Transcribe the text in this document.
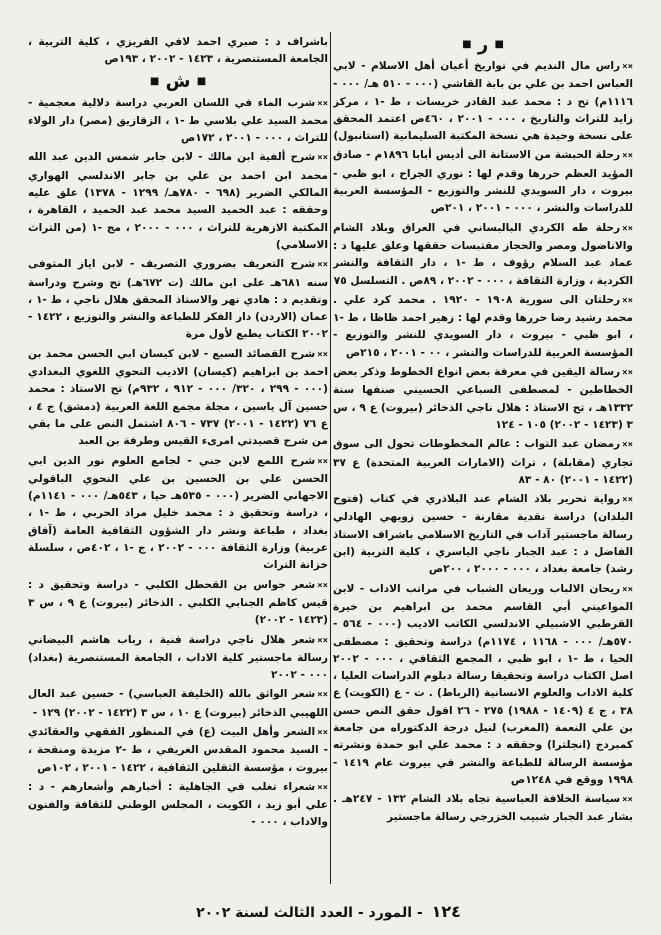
■ ر ■
××راس مال النديم في تواريخ أعيان أهل الاسلام - لابي العباس احمد بن علي بن بابة القاشي (٠٠٠ - ٥١٠ هـ/ ٠٠٠ - ١١١٦م) تح د : محمد عبد القادر خريسات ، ط -١ ، مركز زايد للتراث والتاريخ ، ٠٠٠ - ٢٠٠١ ، ٤٦٠ص اعتمد المحقق على نسخة وحيدة هي نسخة المكتبة السليمانية (استانبول)
××رحلة الحبشة من الاستانة الى أديس أبابا ١٨٩٦م - صادق المؤيد العظم حررها وقدم لها : نوري الجراح ، ابو ظبي - بيروت ، دار السويدي للنشر والتوزيع - المؤسسة العربية للدراسات والنشر ، ٠٠٠ - ٢٠٠١ ، ٢٠١ص
××رحلة طه الكردي البالبساني في العراق وبلاد الشام والاناضول ومصر والحجاز مقتبسات حققها وعلق عليها د : عماد عبد السلام رؤوف ، ط -١ ، دار الثقافة والنشر الكردية ، وزارة الثقافة ، ٠٠٠ - ٢٠٠٢ ، ٨٩ص . التسلسل ٧٥
××رحلتان الى سورية ١٩٠٨ - ١٩٢٠ . محمد كرد علي . محمد رشيد رضا حررها وقدم لها : زهير احمد ظاظا ، ط -١ ، ابو ظبي - بيروت ، دار السويدي للنشر والتوزيع - المؤسسة العربية للدراسات والنشر ، ٠٠ - ٢٠٠١ ، ٢١٥ص
××رسالة اليقين في معرفة بعض انواع الخطوط وذكر بعض الخطاطين - لمصطفى السباعي الحسيني صنفها سنة ١٣٣٢هـ ، تح الاستاذ : هلال ناجي الذخائر (بيروت) ع ٩ ، س ٣ (١٤٢٣ - ٢٠٠٢) ١٠٥ - ١٢٤
××رمضان عبد التواب : عالم المخطوطات تحول الى سوق تجاري (مقابلة) ، تراث (الامارات العربية المتحدة) ع ٣٧ (١٤٢٢ - ٢٠٠١) ٨٠ - ٨٣
××رواية تحرير بلاد الشام عند البلاذري في كتاب (فتوح البلدان) دراسة نقدية مقارنة - حسين زويهي الهادلي رسالة ماجستير آداب في التاريخ الاسلامي باشراف الاستاذ الفاضل د : عبد الجبار ناجي الياسري ، كلية التربية (ابن رشد) جامعة بغداد ، ٠٠٠ - ٢٠٠٠ ، ٢٠٠ص
××ريحان الالباب وريعان الشباب في مراتب الاداب - لابن المواعيني أبي القاسم محمد بن ابراهيم بن خيرة القرطبي الاشبيلي الاندلسي الكاتب الاديب (٠٠٠ - ٥٦٤ - ٥٧٠هـ/ ٠٠٠ - ١١٦٨ ، ١١٧٤م) دراسة وتحقيق : مصطفى الحيا ، ط -١ ، ابو ظبي ، المجمع الثقافي ، ٠٠٠ - ٢٠٠٢ اصل الكتاب دراسة وتحقيقا رسالة دبلوم الدراسات العليا ، كلية الاداب والعلوم الانسانية (الرباط) . ت - ع (الكويت) ع ٣٨ ، ج ٤ (١٤٠٩ - ١٩٨٨) ٢٧٥ - ٢٦ اقول حقق النص حسن بن علي النعمة (المغرب) لنيل درجة الدكتوراه من جامعة كمبردج (انجلترا) وحققه د : محمد علي ابو حمدة ونشرته مؤسسة الرسالة للطباعة والنشر في بيروت عام ١٤١٩ - ١٩٩٨ ووقع في ١٢٤٨ص
××سياسة الخلافة العباسية تجاه بلاد الشام ١٣٢ - ٢٤٧هـ . بشار عبد الجبار شبيب الخزرجي رسالة ماجستير
باشراف د : صبري احمد لافي الفريزي ، كلية التربية ، الجامعة المستنصرية ، ١٤٢٣ - ٢٠٠٢ ، ١٩٣ص
■ ش ■
××شرب الماء في اللسان العربي دراسة دلالية معجمية - محمد السيد علي بلاسي ط -١ ، الزقازيق (مصر) دار الولاء للتراث ، ٠٠٠ - ٢٠٠١ ، ١٧٢ص
××شرح ألفية ابن مالك - لابن جابر شمس الدين عبد الله محمد ابن احمد بن علي بن جابر الاندلسي الهواري المالكي الضرير (٦٩٨ - ٧٨٠هـ/ ١٢٩٩ - ١٣٧٨) علق عليه وحققه : عبد الحميد السيد محمد عبد الحميد ، القاهرة ، المكتبة الازهرية للتراث ، ٠٠٠ - ٢٠٠٠ ، مج -١ (من التراث الاسلامي)
××شرح التعريف بضروري التصريف - لابن اياز المتوفى سنه ٦٨١هـ على ابن مالك (ت ٦٧٢هـ) تح وشرح ودراسة وتقديم د : هادي نهر والاستاذ المحقق هلال ناجي ، ط -١ ، عمان (الاردن) دار الفكر للطباعة والنشر والتوزيع ، ١٤٢٢ - ٢٠٠٢ الكتاب يطبع لأول مرة
××شرح القصائد السبع - لابن كيسان ابي الحسن محمد بن احمد بن ابراهيم (كيسان) الاديب النحوي اللغوي البغدادي (٠٠٠ - ٢٩٩ ، ٣٢٠/ ٠٠٠ - ٩١٢ ، ٩٣٢م) تح الاستاذ : محمد حسين آل ياسين ، مجلة مجمع اللغة العربية (دمشق) ج ٤ ، ع ٧٦ (١٤٢٢ - ٢٠٠١) ٧٣٧ - ٨٠٦ اشتمل النص على ما بقي من شرح قصيدتي امرىء القيس وطرفة بن العبد
××شرح اللمع لابن جني - لجامع العلوم نور الدين ابي الحسن علي بن الحسين بن علي النحوي الباقولي الاجهاني الضرير (٠٠٠ - ٥٣٥هـ حيا ، ٥٤٣هـ/ ٠٠٠ - ١١٤١م) ، دراسة وتحقيق د : محمد خليل مراد الحربي ، ط -١ ، بغداد ، طباعة ونشر دار الشؤون الثقافية العامة (آفاق عربية) وزارة الثقافة ٠٠٠ - ٢٠٠٢ ، ج -١ ، ٤٠٢ص ، سلسلة خزانة التراث
××شعر جواس بن القحطل الكلبي - دراسة وتحقيق د : قيس كاظم الجنابي الكلبي . الذخائر (بيروت) ع ٩ ، س ٣ (١٤٢٣ - ٢٠٠٢)
××شعر هلال ناجي دراسة فنية ، رباب هاشم البيضاني رسالة ماجستير كلية الاداب ، الجامعة المستنصرية (بغداد) ٠٠٠ - ٢٠٠٢
××شعر الواثق بالله (الخليفة العباسي) - حسين عبد العال اللهيبي الذخائر (بيروت) ع ١٠ ، س ٣ (١٤٢٢ - ٢٠٠٢) ١٢٩ -
××الشعر وأهل البيت (ع) في المنظور الفقهي والعقائدي - السيد محمود المقدس الغريفي ، ط -٢ مزيدة ومنقحة ، بيروت ، مؤسسة الثقلين الثقافية ، ١٤٢٢ - ٢٠٠١ ، ١٠٢ص
××شعراء تغلب في الجاهلية : أخبارهم وأشعارهم - د : علي أبو زيد ، الكويت ، المجلس الوطني للثقافة والفنون والاداب ، ٠٠٠ -
١٢٤ - المورد - العدد الثالث لسنة ٢٠٠٢
